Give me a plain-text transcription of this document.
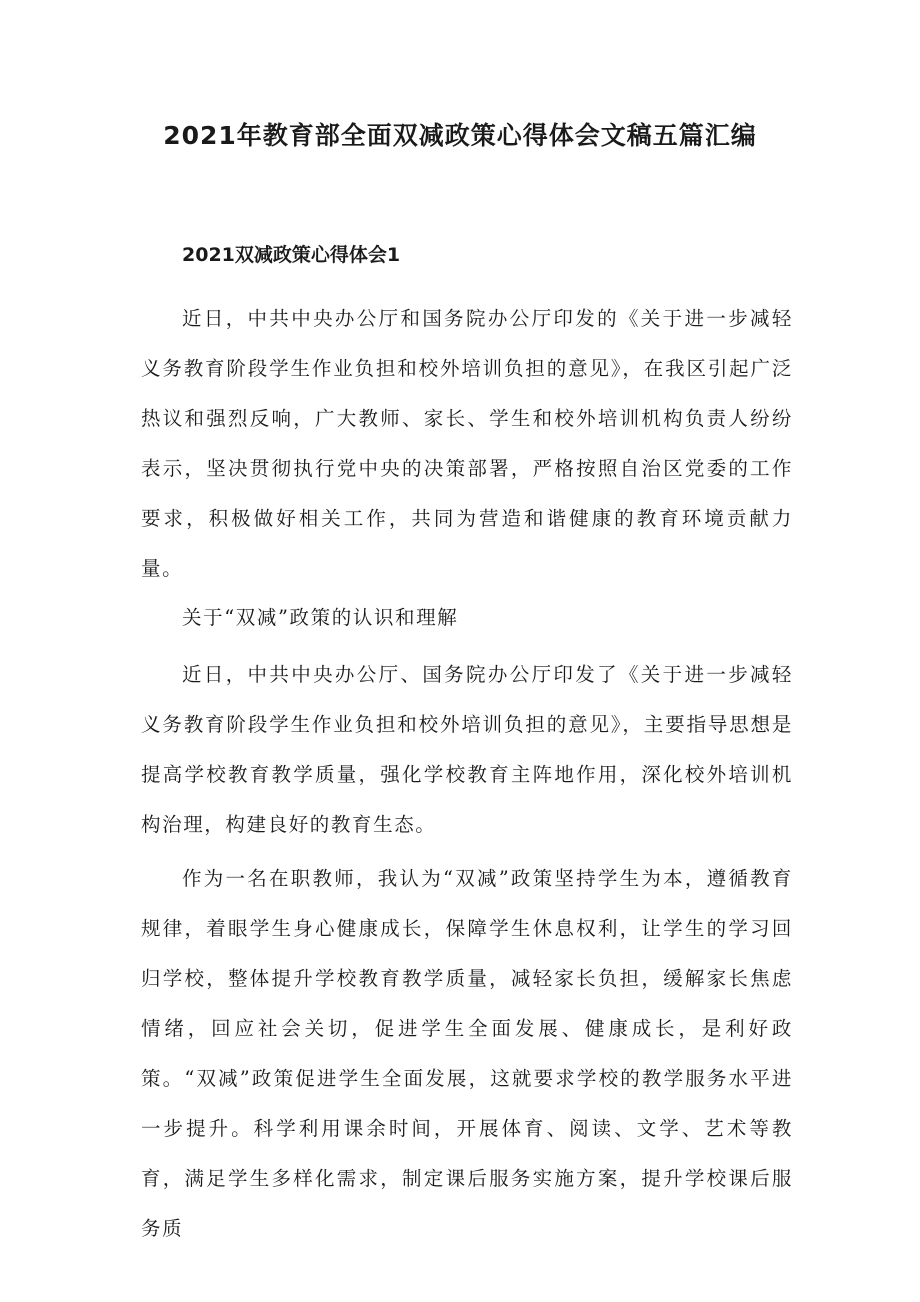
2021年教育部全面双减政策心得体会文稿五篇汇编
2021双减政策心得体会1

近日，中共中央办公厅和国务院办公厅印发的《关于进一步减轻义务教育阶段学生作业负担和校外培训负担的意见》，在我区引起广泛热议和强烈反响，广大教师、家长、学生和校外培训机构负责人纷纷表示，坚决贯彻执行党中央的决策部署，严格按照自治区党委的工作要求，积极做好相关工作，共同为营造和谐健康的教育环境贡献力量。

关于“双减”政策的认识和理解

近日，中共中央办公厅、国务院办公厅印发了《关于进一步减轻义务教育阶段学生作业负担和校外培训负担的意见》，主要指导思想是提高学校教育教学质量，强化学校教育主阵地作用，深化校外培训机构治理，构建良好的教育生态。

作为一名在职教师，我认为“双减”政策坚持学生为本，遵循教育规律，着眼学生身心健康成长，保障学生休息权利，让学生的学习回归学校，整体提升学校教育教学质量，减轻家长负担，缓解家长焦虑情绪，回应社会关切，促进学生全面发展、健康成长，是利好政策。“双减”政策促进学生全面发展，这就要求学校的教学服务水平进一步提升。科学利用课余时间，开展体育、阅读、文学、艺术等教育，满足学生多样化需求，制定课后服务实施方案，提升学校课后服务质
